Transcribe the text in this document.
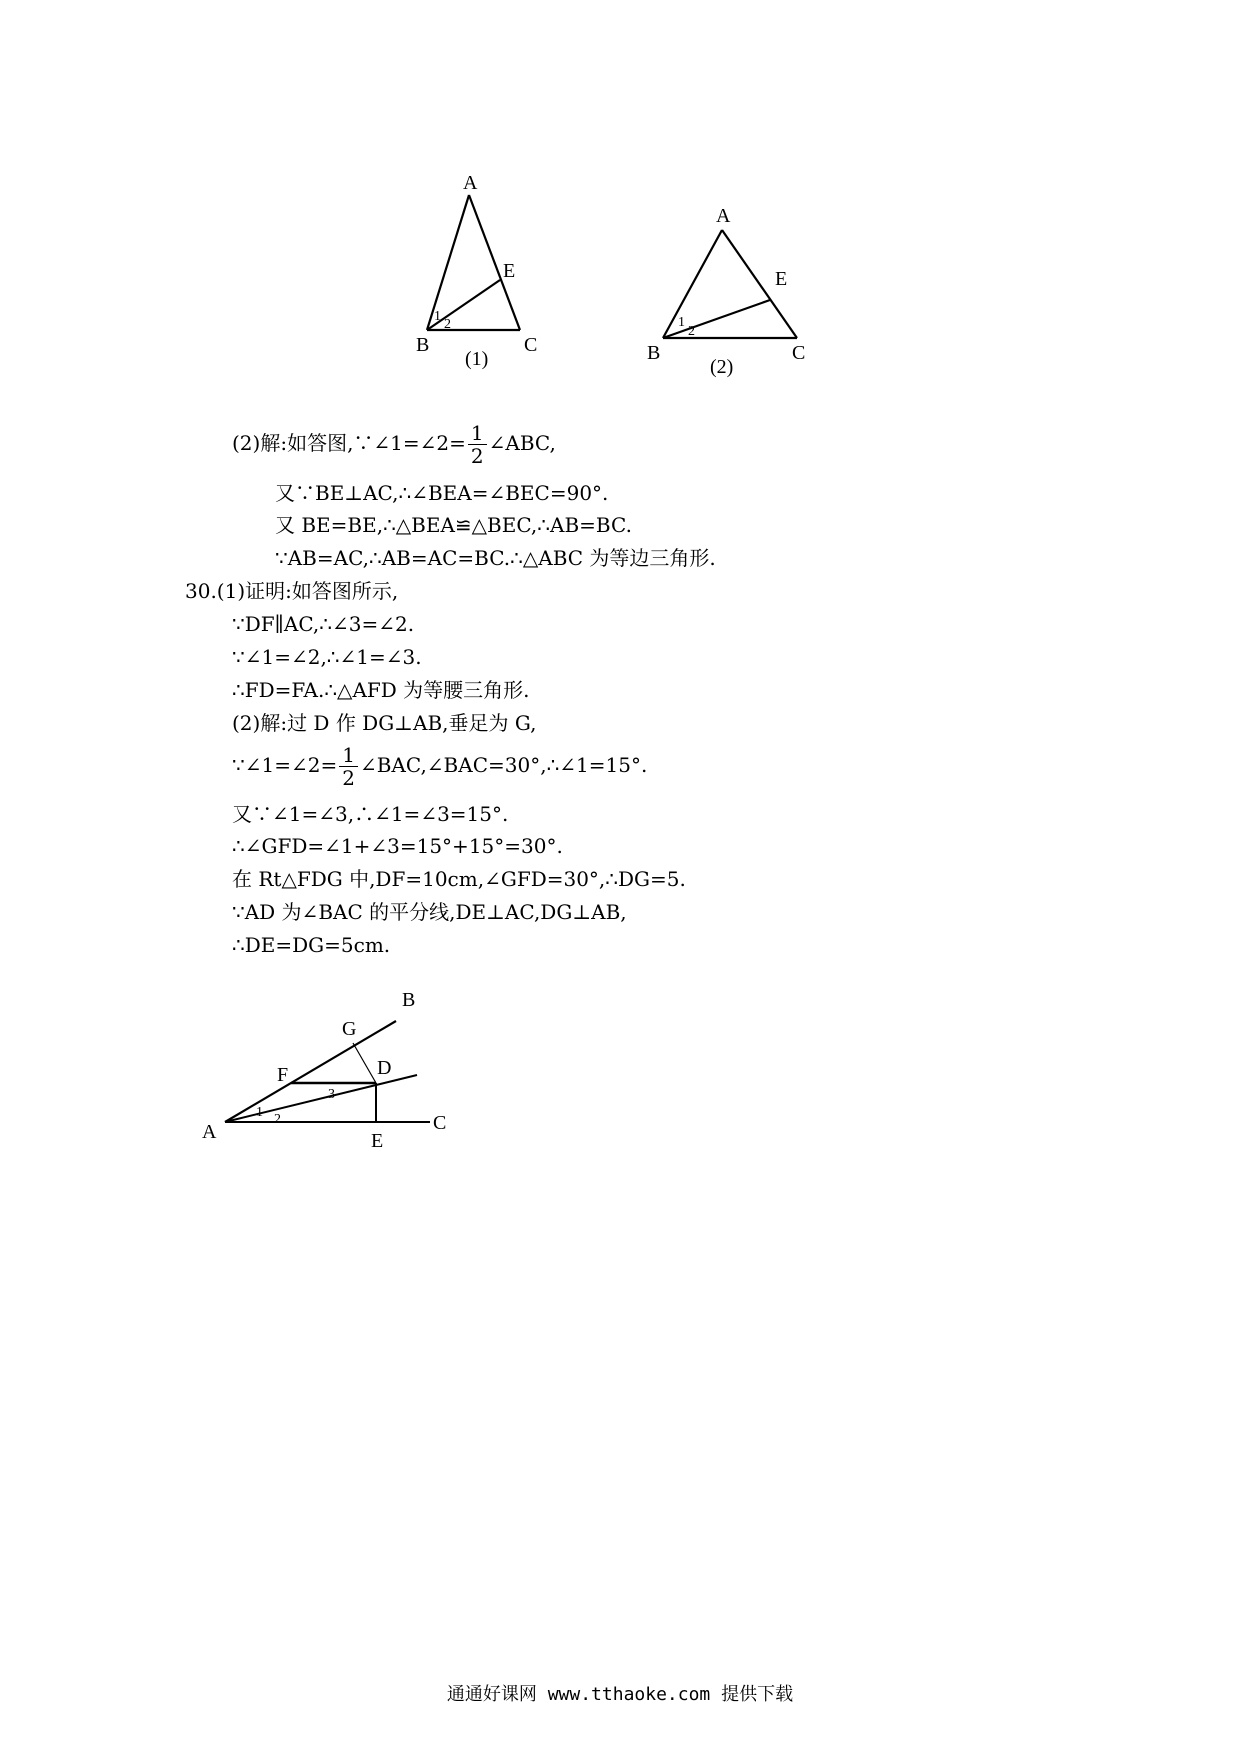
A
B	C
E
1
2
(1)
A
B	C
E
1
2
(2)
(2)解:如答图,∵∠1=∠2= $\frac{1}{2}$ ∠ABC,
又∵BE⊥AC,∴∠BEA=∠BEC=90°.
又 BE=BE,∴△BEA≌△BEC,∴AB=BC.
∵AB=AC,∴AB=AC=BC.∴△ABC 为等边三角形.
30.(1)证明:如答图所示,
∵DF∥AC,∴∠3=∠2.
∵∠1=∠2,∴∠1=∠3.
∴FD=FA.∴△AFD 为等腰三角形.
(2)解:过 D 作 DG⊥AB,垂足为 G,
∵∠1=∠2= $\frac{1}{2}$ ∠BAC,∠BAC=30°,∴∠1=15°.
又∵∠1=∠3,∴∠1=∠3=15°.
∴∠GFD=∠1+∠3=15°+15°=30°.
在 Rt△FDG 中,DF=10cm,∠GFD=30°,∴DG=5.
∵AD 为∠BAC 的平分线,DE⊥AC,DG⊥AB,
∴DE=DG=5cm.
A
B
C
D
E
F
G
1 2
3
通通好课网 www.tthaoke.com 提供下载
